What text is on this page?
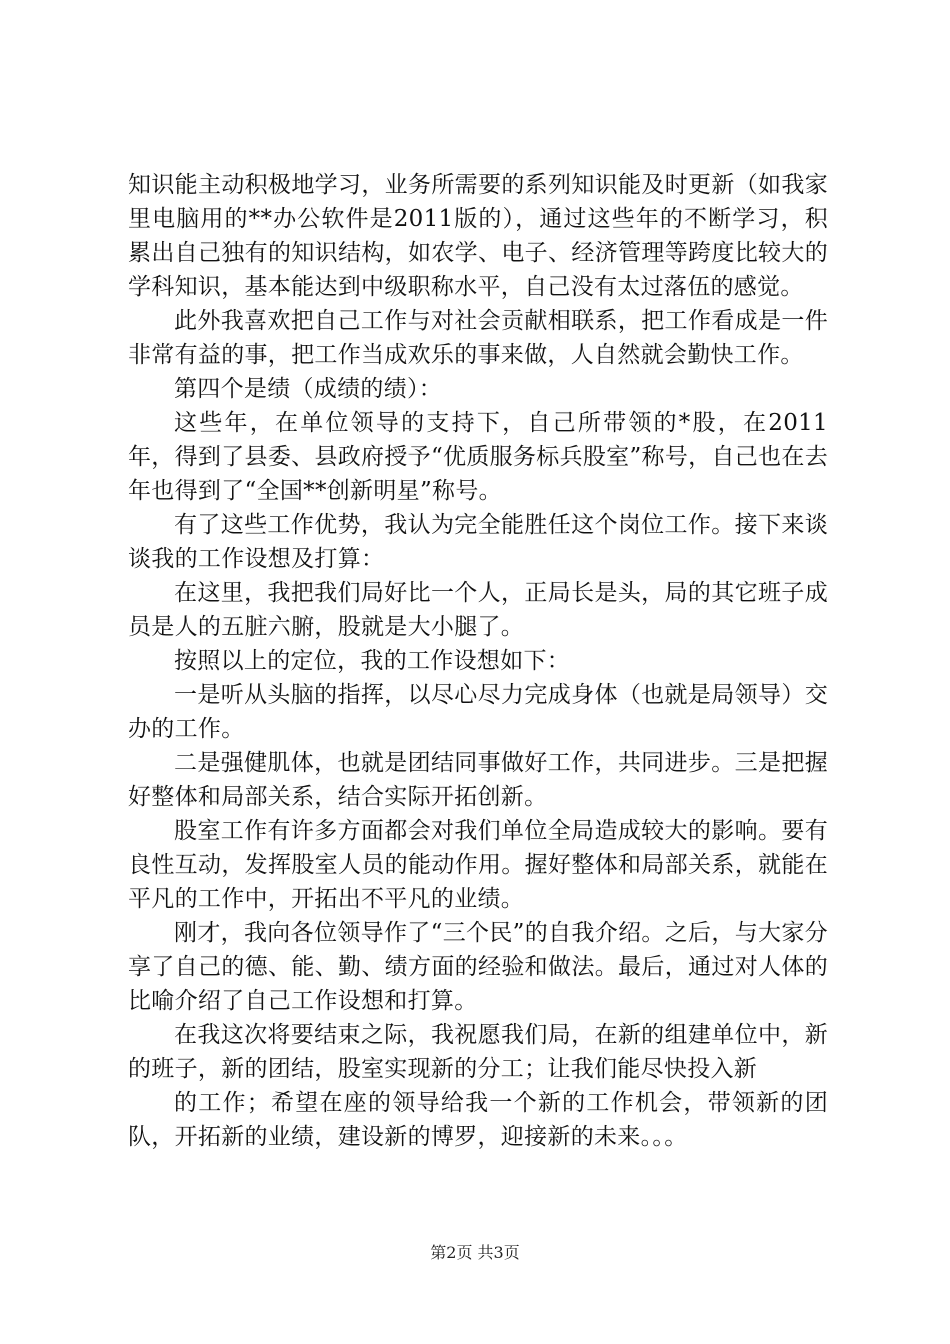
知识能主动积极地学习，业务所需要的系列知识能及时更新（如我家里电脑用的**办公软件是2011版的），通过这些年的不断学习，积累出自己独有的知识结构，如农学、电子、经济管理等跨度比较大的学科知识，基本能达到中级职称水平，自己没有太过落伍的感觉。

此外我喜欢把自己工作与对社会贡献相联系，把工作看成是一件非常有益的事，把工作当成欢乐的事来做，人自然就会勤快工作。

第四个是绩（成绩的绩）：

这些年，在单位领导的支持下，自己所带领的*股，在2011年，得到了县委、县政府授予“优质服务标兵股室”称号，自己也在去年也得到了“全国**创新明星”称号。

有了这些工作优势，我认为完全能胜任这个岗位工作。接下来谈谈我的工作设想及打算：

在这里，我把我们局好比一个人，正局长是头，局的其它班子成员是人的五脏六腑，股就是大小腿了。

按照以上的定位，我的工作设想如下：

一是听从头脑的指挥，以尽心尽力完成身体（也就是局领导）交办的工作。

二是强健肌体，也就是团结同事做好工作，共同进步。三是把握好整体和局部关系，结合实际开拓创新。

股室工作有许多方面都会对我们单位全局造成较大的影响。要有良性互动，发挥股室人员的能动作用。握好整体和局部关系，就能在平凡的工作中，开拓出不平凡的业绩。

刚才，我向各位领导作了“三个民”的自我介绍。之后，与大家分享了自己的德、能、勤、绩方面的经验和做法。最后，通过对人体的比喻介绍了自己工作设想和打算。

在我这次将要结束之际，我祝愿我们局，在新的组建单位中，新的班子，新的团结，股室实现新的分工；让我们能尽快投入新

的工作；希望在座的领导给我一个新的工作机会，带领新的团队，开拓新的业绩，建设新的博罗，迎接新的未来。。。

第2页 共3页
